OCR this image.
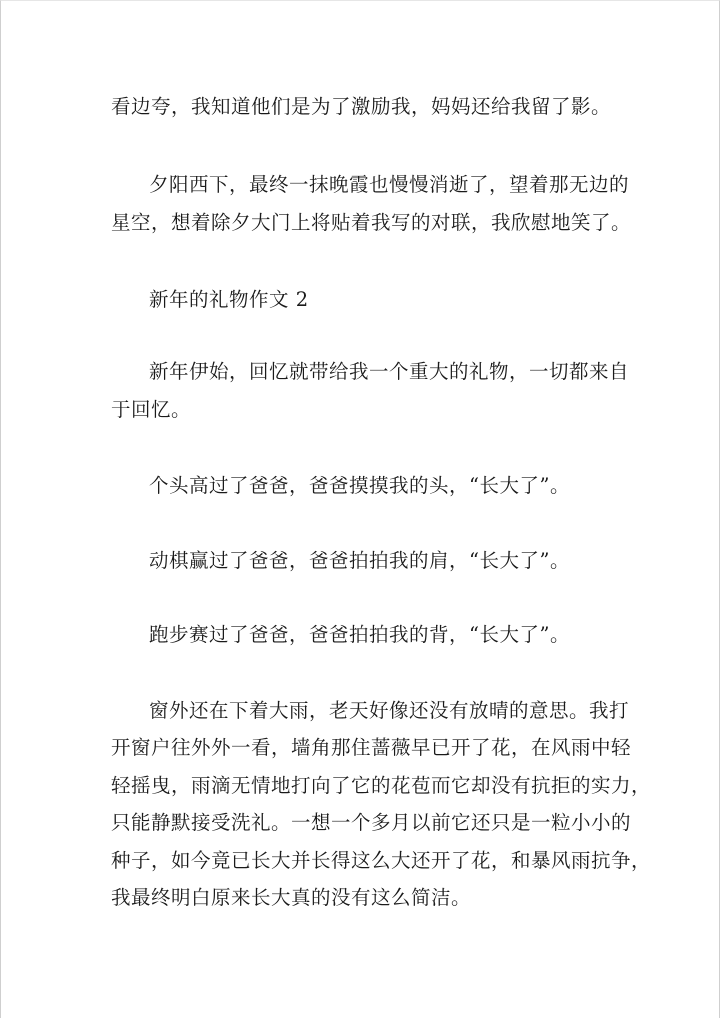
看边夸，我知道他们是为了激励我，妈妈还给我留了影。
夕阳西下，最终一抹晚霞也慢慢消逝了，望着那无边的
星空，想着除夕大门上将贴着我写的对联，我欣慰地笑了。
新年的礼物作文 2
新年伊始，回忆就带给我一个重大的礼物，一切都来自
于回忆。
个头高过了爸爸，爸爸摸摸我的头，“长大了”。
动棋赢过了爸爸，爸爸拍拍我的肩，“长大了”。
跑步赛过了爸爸，爸爸拍拍我的背，“长大了”。
窗外还在下着大雨，老天好像还没有放晴的意思。我打
开窗户往外外一看，墙角那住蔷薇早已开了花，在风雨中轻
轻摇曳，雨滴无情地打向了它的花苞而它却没有抗拒的实力，
只能静默接受洗礼。一想一个多月以前它还只是一粒小小的
种子，如今竟已长大并长得这么大还开了花，和暴风雨抗争，
我最终明白原来长大真的没有这么简洁。
